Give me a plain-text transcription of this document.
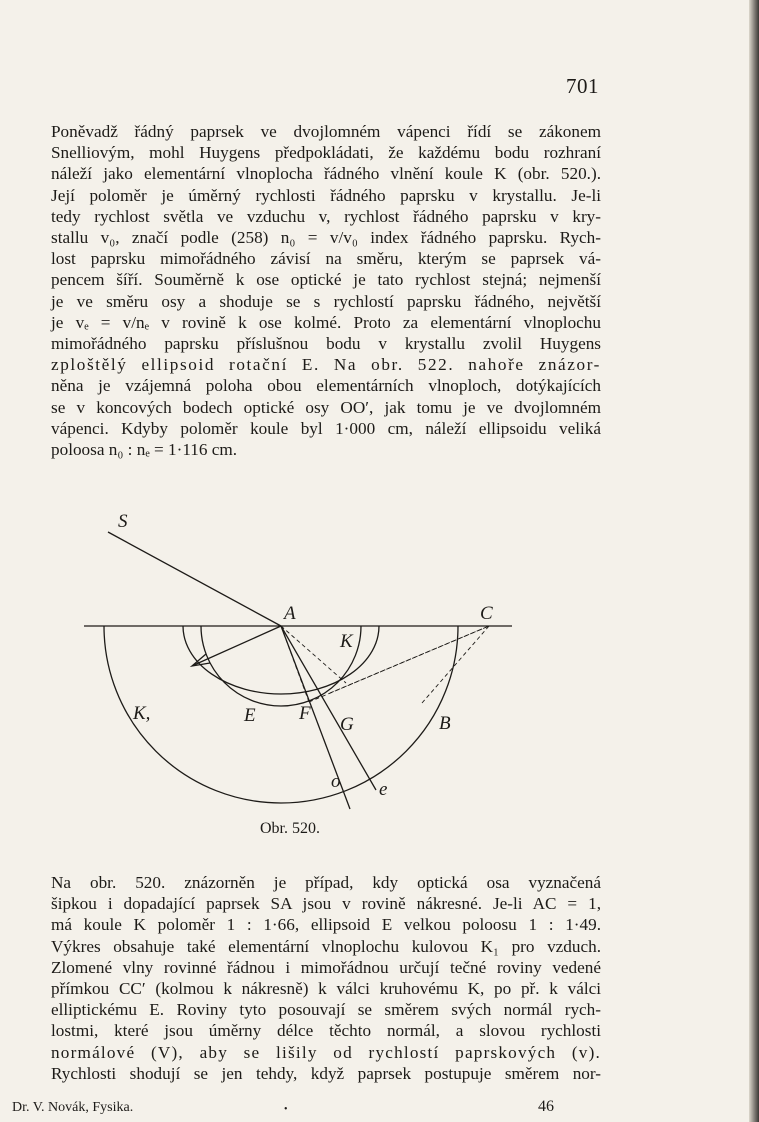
701

Poněvadž řádný paprsek ve dvojlomném vápenci řídí se zákonem
Snelliovým, mohl Huygens předpokládati, že každému bodu rozhraní
náleží jako elementární vlnoplocha řádného vlnění koule K (obr. 520.).
Její poloměr je úměrný rychlosti řádného paprsku v krystallu. Je-li
tedy rychlost světla ve vzduchu v, rychlost řádného paprsku v kry-
stallu v₀, značí podle (258) n₀ = v/v₀ index řádného paprsku. Rych-
lost paprsku mimořádného závisí na směru, kterým se paprsek vá-
pencem šíří. Souměrně k ose optické je tato rychlost stejná; nejmenší
je ve směru osy a shoduje se s rychlostí paprsku řádného, největší
je vₑ = v/nₑ v rovině k ose kolmé. Proto za elementární vlnoplochu
mimořádného paprsku příslušnou bodu v krystallu zvolil Huygens
zploštělý ellipsoid rotační E. Na obr. 522. nahoře znázor-
něna je vzájemná poloha obou elementárních vlnoploch, dotýkajících
se v koncových bodech optické osy OO′, jak tomu je ve dvojlomném
vápenci. Kdyby poloměr koule byl 1·000 cm, náleží ellipsoidu veliká
poloosa n₀ : nₑ = 1·116 cm.

S
A	C
K
K,	E F
G	B
o e
Obr. 520.

Na obr. 520. znázorněn je případ, kdy optická osa vyznačená
šipkou i dopadající paprsek SA jsou v rovině nákresné. Je-li AC = 1,
má koule K poloměr 1 : 1·66, ellipsoid E velkou poloosu 1 : 1·49.
Výkres obsahuje také elementární vlnoplochu kulovou K₁ pro vzduch.
Zlomené vlny rovinné řádnou i mimořádnou určují tečné roviny vedené
přímkou CC′ (kolmou k nákresně) k válci kruhovému K, po př. k válci
elliptickému E. Roviny tyto posouvají se směrem svých normál rych-
lostmi, které jsou úměrny délce těchto normál, a slovou rychlosti
normálové (V), aby se lišily od rychlostí paprskových (v).
Rychlosti shodují se jen tehdy, když paprsek postupuje směrem nor-

Dr. V. Novák, Fysika.	•	46
